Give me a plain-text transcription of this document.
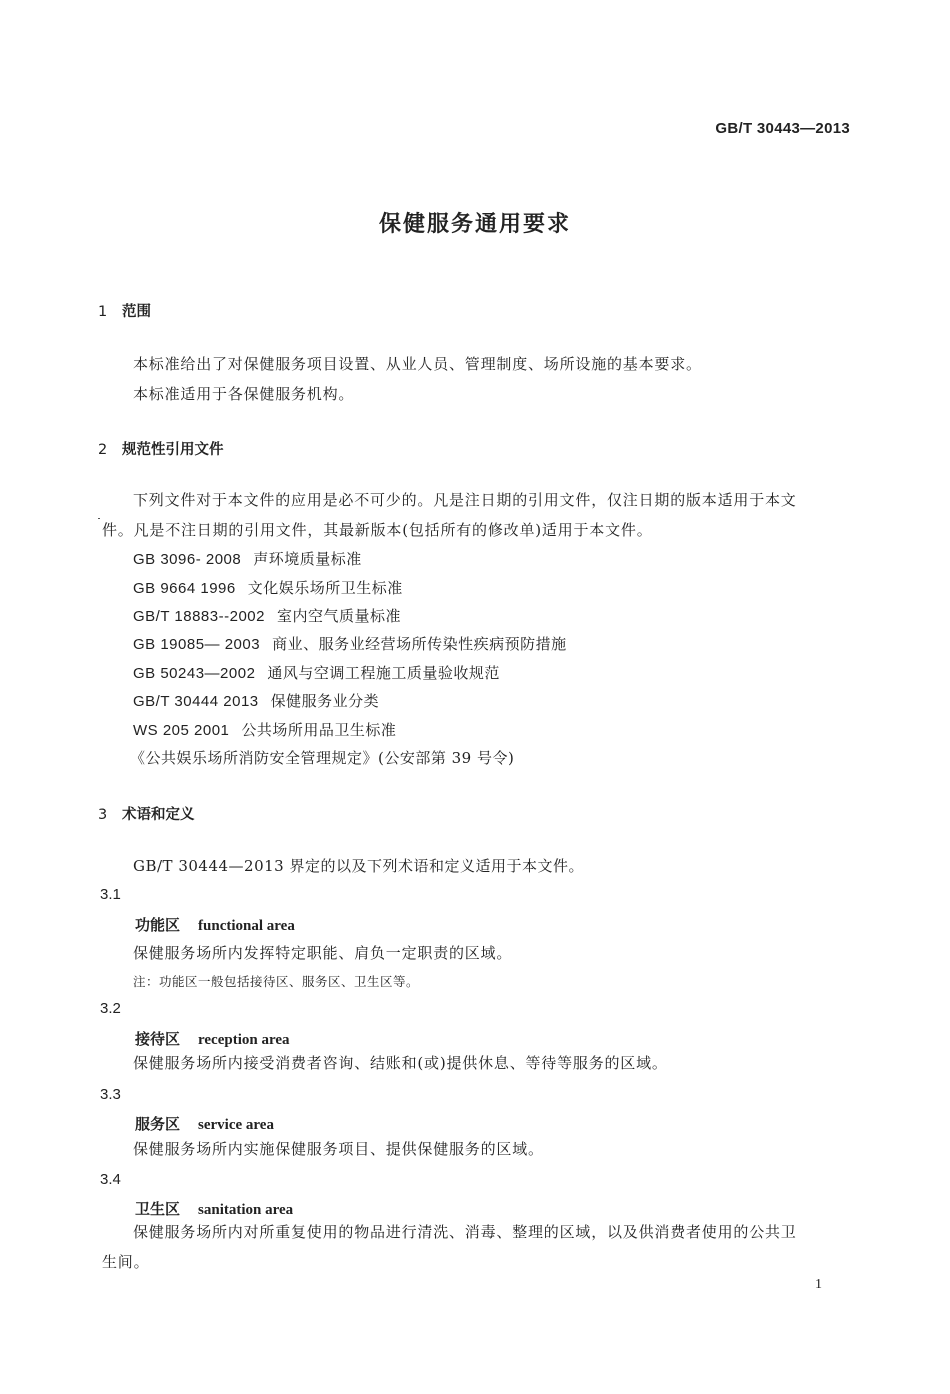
GB/T 30443—2013
保健服务通用要求
1 范围
本标准给出了对保健服务项目设置、从业人员、管理制度、场所设施的基本要求。
本标准适用于各保健服务机构。
2 规范性引用文件
下列文件对于本文件的应用是必不可少的。凡是注日期的引用文件，仅注日期的版本适用于本文
件。凡是不注日期的引用文件，其最新版本(包括所有的修改单)适用于本文件。
GB 3096- 2008 声环境质量标准
GB 9664 1996 文化娱乐场所卫生标准
GB/T 18883--2002 室内空气质量标准
GB 19085— 2003 商业、服务业经营场所传染性疾病预防措施
GB 50243—2002 通风与空调工程施工质量验收规范
GB/T 30444 2013 保健服务业分类
WS 205 2001 公共场所用品卫生标准
《公共娱乐场所消防安全管理规定》(公安部第 39 号令)
3 术语和定义
GB/T 30444—2013 界定的以及下列术语和定义适用于本文件。
3.1
功能区 functional area
保健服务场所内发挥特定职能、肩负一定职责的区域。
注：功能区一般包括接待区、服务区、卫生区等。
3.2
接待区 reception area
保健服务场所内接受消费者咨询、结账和(或)提供休息、等待等服务的区域。
3.3
服务区 service area
保健服务场所内实施保健服务项目、提供保健服务的区域。
3.4
卫生区 sanitation area
保健服务场所内对所重复使用的物品进行清洗、消毒、整理的区域，以及供消费者使用的公共卫
生间。
1
